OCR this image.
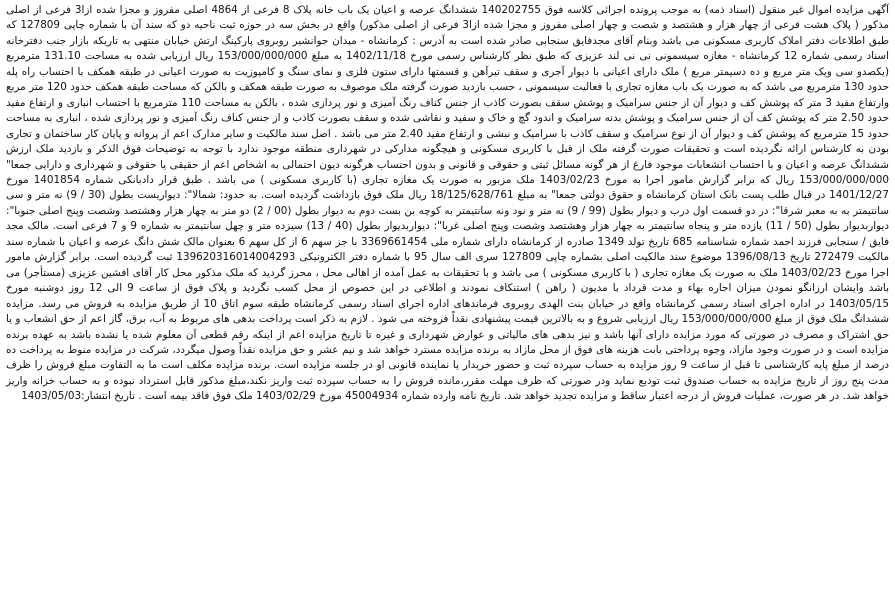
آگهی مزایده اموال غیر منقول (اسناد ذمه) به موجب پرونده اجرائی کلاسه فوق 140202755 ششدانگ عرصه و اعیان یک باب خانه پلاک 8 فرعی از 4864 اصلی مفروز و مجزا شده ازا3 فرعی از اصلی مذکور ( پلاک هشت فرعی از چهار هزار و هشتصد و شصت و چهار اصلی مفروز و مجزا شده ازا3 فرعی از اصلی مذکور) واقع در بخش سه در حوزه ثبت ناحیه دو که سند آن با شماره چاپی 127809 که طبق اطلاعات دفتر املاک کاربری مسکونی می باشد وبنام آقای مجدفایق سنجابی صادر شده است به آدرس : کرمانشاه - میدان جوانشیر روبروی پارکینگ ارتش خیابان منتهی به تاریکه بازار جنب دفترخانه اسناد رسمی شماره 12 کرمانشاه - مغازه سیسمونی نی نی لند عزیزی که طبق نظر کارشناس رسمی مورخ 1402/11/18 به مبلغ 153/000/000/000 ریال ارزیابی شده به مساحت 131.10 مترمربع (یکصدو سی ویک متر مربع و ده دسیمتر مربع ) ملک دارای اعیانی با دیوار آجری و سقف تیرآهن و قسمتها دارای ستون فلزی و نمای سنگ و کامپوزیت به صورت اعیانی در طبقه همکف با احتساب راه پله حدود 130 مترمربع می باشد که به صورت یک باب مغازه تجاری با فعالیت سیسمونی ، حسب بازدید صورت گرفته ملک موصوف به صورت طبقه همکف و بالکن که مساحت طبقه همکف حدود 120 متر مربع وارتفاع مفید 3 متر که پوشش کف و دیوار آن از جنس سرامیک و پوشش سقف بصورت کاذب از جنس کناف رنگ آمیزی و نور پردازی شده ، بالکن به مساحت 110 مترمربع با احتساب انباری و ارتفاع مفید حدود 2.50 متر که پوشش کف آن از جنس سرامیک و پوشش بدنه سرامیک و اندود گچ و خاک و سفید و نقاشی شده و سقف بصورت کاذب و از جنس کناف رنگ آمیزی و نور پردازی شده ، انباری به مساحت حدود 15 مترمربع که پوشش کف و دیوار آن از نوع سرامیک و سقف کاذب با سرامیک و نبشی و ارتفاع مفید 2.40 متر می باشد . اصل سند مالکیت و سایر مدارک اعم از پروانه و پایان کار ساختمان و تجاری بودن به کارشناس ارائه نگردیده است و تحقیقات صورت گرفته ملک از قبل با کاربری مسکونی و هیچگونه مدارکی در شهرداری منطقه موجود ندارد با توجه به توضیحات فوق الذکر و بازدید ملک ارزش ششدانگ عرصه و اعیان و با احتساب انشعابات موجود فارغ از هر گونه مسائل ثبتی و حقوقی و قانونی و بدون احتساب هرگونه دیون احتمالی به اشخاص اعم از حقیقی یا حقوقی و شهرداری و دارایی جمعا" 153/000/000/000 ریال که برابر گزارش مامور اجرا به مورخ 1403/02/23 ملک مزبور به صورت یک مغازه تجاری (با کاربری مسکونی ) می باشد . طبق قرار دادبانکی شماره 1401854 مورخ 1401/12/27 در قبال طلب پست بانک استان کرمانشاه و حقوق دولتی جمعا" به مبلغ 18/125/628/761 ریال ملک فوق بازداشت گردیده است. به حدود: شمالا": دیواریست بطول (30 / 9) نه متر و سی سانتیمتر به به معبر شرقا": در دو قسمت اول درب و دیوار بطول (99 / 9) نه متر و نود ونه سانتیمتر به کوچه بن بست دوم به دیوار بطول (00 / 2) دو متر به چهار هزار وهشتصد وشصت وپنج اصلی جنوبا": دیواربدیوار بطول (50 / 11) یازده متر و پنجاه سانتیمتر به چهار هزار وهشتصد وشصت وپنج اصلی غربا": دیواربدیوار بطول (40 / 13) سیزده متر و چهل سانتیمتر به شماره 9 و 7 فرعی است. مالک مجد فایق / سنجابی فرزند احمد شماره شناسنامه 685 تاریخ تولد 1349 صادره از کرمانشاه دارای شماره ملی 3369661454 با جز سهم 6 از کل سهم 6 بعنوان مالک شش دانگ عرصه و اعیان با شماره سند مالکیت 272479 تاریخ 1396/08/13 موضوع سند مالکیت اصلی بشماره چاپی 127809 سری الف سال 95 با شماره دفتر الکترونیکی 139620316014004293 ثبت گردیده است. برابر گزارش مامور اجرا مورخ 1403/02/23 ملک به صورت یک مغازه تجاری ( با کاربری مسکونی ) می باشد و با تحقیقات به عمل آمده از اهالی محل ، محرز گردید که ملک مذکور محل کار آقای افشین عزیزی (مستأجر) می باشد وایشان ارزانگو نمودن میزان اجاره بهاء و مدت قرداد با مدیون ( راهن ) استنکاف نمودند و اطلاعی در این خصوص از محل کسب نگردید و پلاک فوق از ساعت 9 الی 12 روز دوشنبه مورخ 1403/05/15 در اداره اجرای اسناد رسمی کرمانشاه واقع در خیابان بنت الهدی روبروی فرماندهای اداره اجرای اسناد رسمی کرمانشاه طبقه سوم اتاق 10 از طریق مزایده به فروش می رسد. مزایده ششدانگ ملک فوق از مبلغ 153/000/000/000 ریال ارزیابی شروع و به بالاترین قیمت پیشنهادی نقداً فروخته می شود . لازم به ذکر است پرداخت بدهی های مربوط به آب، برق، گاز اعم از حق انشعاب و یا حق اشتراک و مصرف در صورتی که مورد مزایده دارای آنها باشد و نیز بدهی های مالیاتی و عوارض شهرداری و غیره تا تاریخ مزایده اعم از اینکه رقم قطعی آن معلوم شده یا نشده باشد به عهده برنده مزایده است و در صورت وجود مازاد، وجوه پرداختی بابت هزینه های فوق از محل مازاد به برنده مزایده مسترد خواهد شد و نیم عشر و حق مزایده نقداً وصول میگردد، شرکت در مزایده منوط به پرداخت ده درصد از مبلغ پایه کارشناسی تا قبل از ساعت 9 روز مزایده به حساب سپرده ثبت و حضور خریدار یا نماینده قانونی او در جلسه مزایده است. برنده مزایده مکلف است ما به التفاوت مبلغ فروش را ظرف مدت پنج روز از تاریخ مزایده به حساب صندوق ثبت تودیع نماید ودر صورتی که ظرف مهلت مقرر،مانده فروش را به حساب سپرده ثبت واریز نکند،مبلغ مذکور قابل استرداد نبوده و به حساب خزانه واریز خواهد شد. در هر صورت، عملیات فروش از درجه اعتبار ساقط و مزایده تجدید خواهد شد. تاریخ نامه وارده شماره 45004934 مورخ 1403/02/29 ملک فوق فاقد بیمه است . تاریخ انتشار:1403/05/03
